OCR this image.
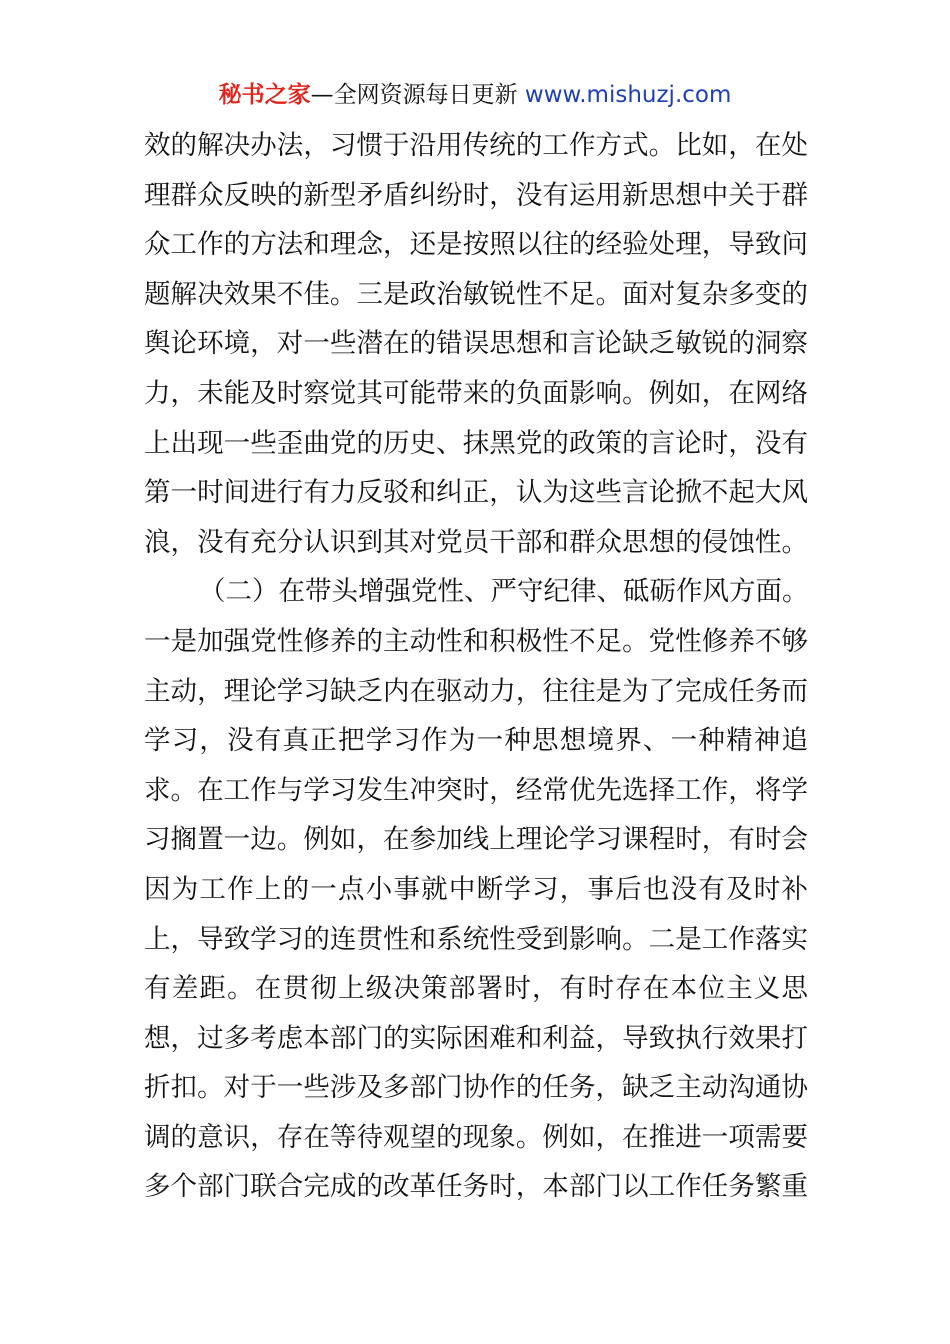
秘书之家—全网资源每日更新 www.mishuzj.com
效的解决办法，习惯于沿用传统的工作方式。比如，在处
理群众反映的新型矛盾纠纷时，没有运用新思想中关于群
众工作的方法和理念，还是按照以往的经验处理，导致问
题解决效果不佳。三是政治敏锐性不足。面对复杂多变的
舆论环境，对一些潜在的错误思想和言论缺乏敏锐的洞察
力，未能及时察觉其可能带来的负面影响。例如，在网络
上出现一些歪曲党的历史、抹黑党的政策的言论时，没有
第一时间进行有力反驳和纠正，认为这些言论掀不起大风
浪，没有充分认识到其对党员干部和群众思想的侵蚀性。
（二）在带头增强党性、严守纪律、砥砺作风方面。
一是加强党性修养的主动性和积极性不足。党性修养不够
主动，理论学习缺乏内在驱动力，往往是为了完成任务而
学习，没有真正把学习作为一种思想境界、一种精神追
求。在工作与学习发生冲突时，经常优先选择工作，将学
习搁置一边。例如，在参加线上理论学习课程时，有时会
因为工作上的一点小事就中断学习，事后也没有及时补
上，导致学习的连贯性和系统性受到影响。二是工作落实
有差距。在贯彻上级决策部署时，有时存在本位主义思
想，过多考虑本部门的实际困难和利益，导致执行效果打
折扣。对于一些涉及多部门协作的任务，缺乏主动沟通协
调的意识，存在等待观望的现象。例如，在推进一项需要
多个部门联合完成的改革任务时，本部门以工作任务繁重
